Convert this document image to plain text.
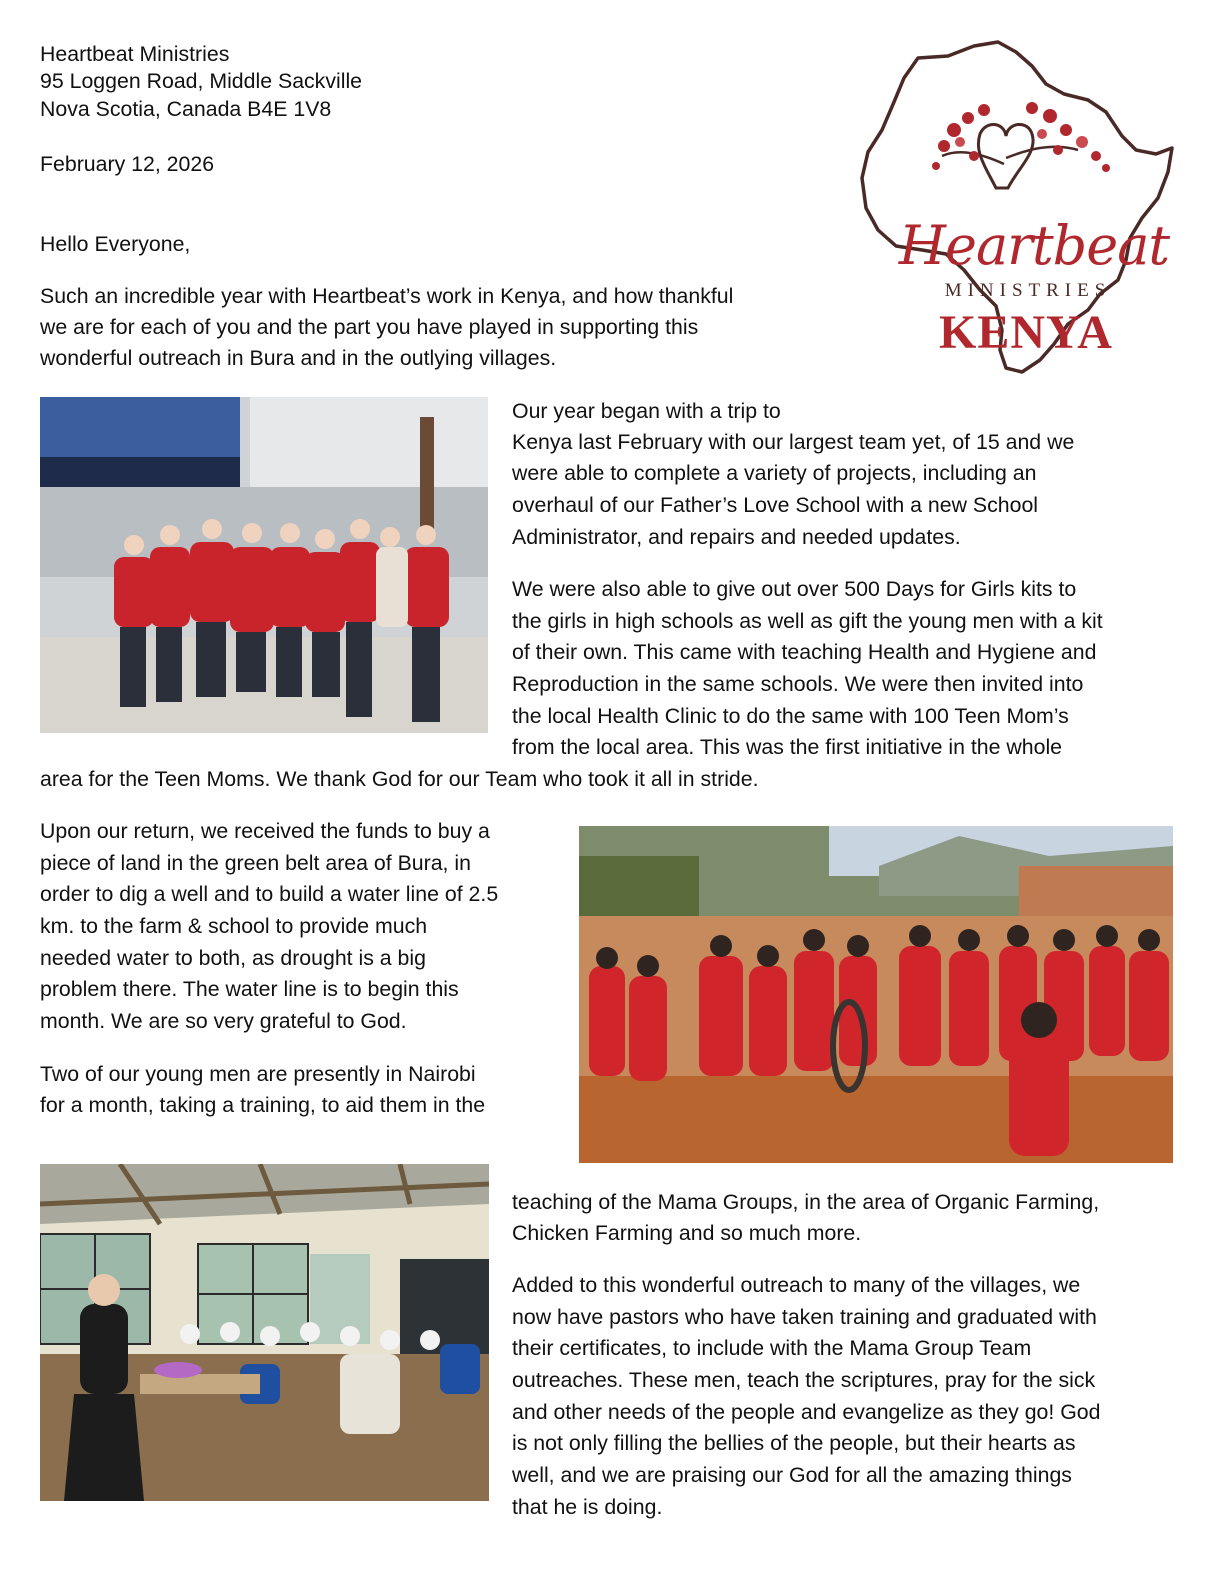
Heartbeat Ministries

95 Loggen Road, Middle Sackville

Nova Scotia, Canada B4E 1V8

February 12, 2026

Hello Everyone,	Heartbeat
MINISTRIES
KENYA

Such an incredible year with Heartbeat’s work in Kenya, and how thankful

we are for each of you and the part you have played in supporting this

wonderful outreach in Bura and in the outlying villages.

Our year began with a trip to

Kenya last February with our largest team yet, of 15 and we

were able to complete a variety of projects, including an

overhaul of our Father’s Love School with a new School

Administrator, and repairs and needed updates.

We were also able to give out over 500 Days for Girls kits to

the girls in high schools as well as gift the young men with a kit

of their own. This came with teaching Health and Hygiene and

Reproduction in the same schools. We were then invited into

the local Health Clinic to do the same with 100 Teen Mom’s

from the local area. This was the first initiative in the whole

area for the Teen Moms. We thank God for our Team who took it all in stride.

Upon our return, we received the funds to buy a

piece of land in the green belt area of Bura, in

order to dig a well and to build a water line of 2.5

km. to the farm & school to provide much

needed water to both, as drought is a big

problem there. The water line is to begin this

month. We are so very grateful to God.

Two of our young men are presently in Nairobi

for a month, taking a training, to aid them in the

teaching of the Mama Groups, in the area of Organic Farming,

Chicken Farming and so much more.

Added to this wonderful outreach to many of the villages, we

now have pastors who have taken training and graduated with

their certificates, to include with the Mama Group Team

outreaches. These men, teach the scriptures, pray for the sick

and other needs of the people and evangelize as they go! God

is not only filling the bellies of the people, but their hearts as

well, and we are praising our God for all the amazing things

that he is doing.
